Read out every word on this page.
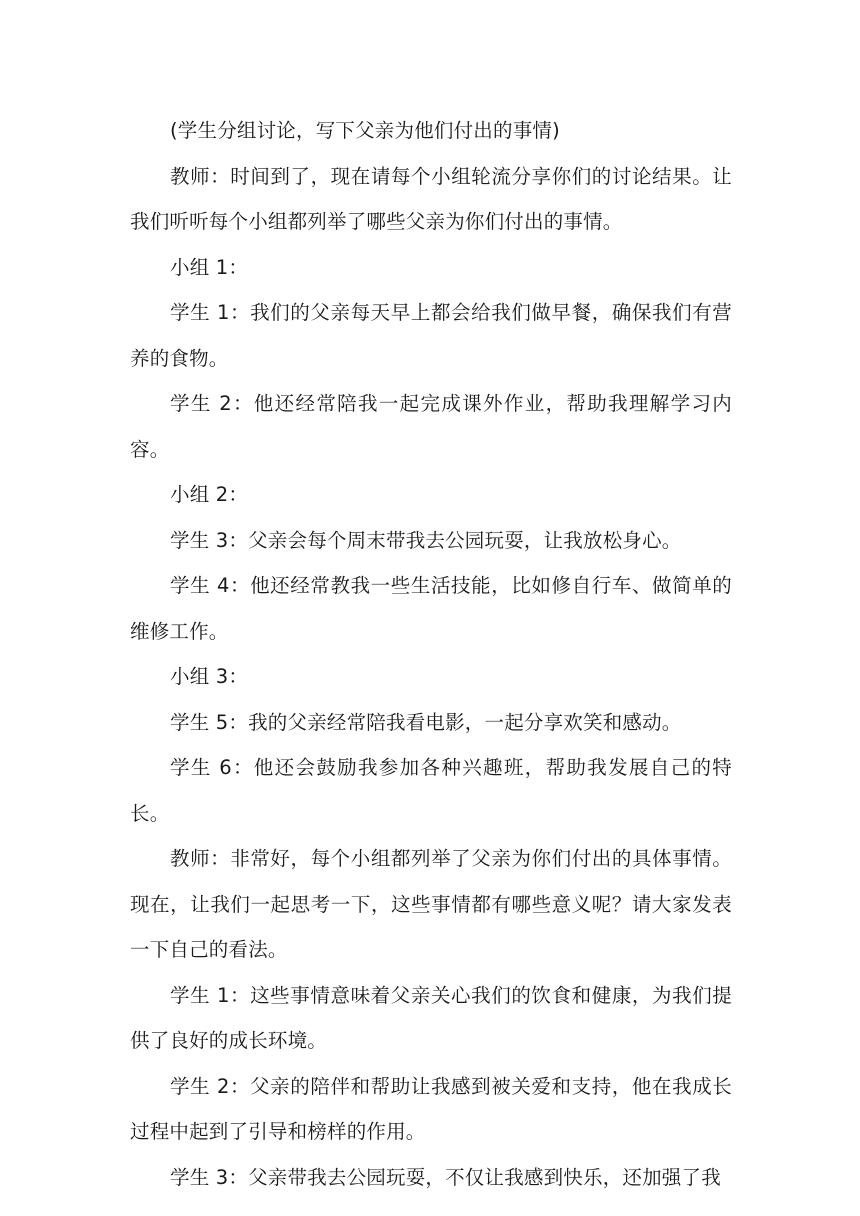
(学生分组讨论，写下父亲为他们付出的事情)

教师：时间到了，现在请每个小组轮流分享你们的讨论结果。让我们听听每个小组都列举了哪些父亲为你们付出的事情。

小组 1：

学生 1：我们的父亲每天早上都会给我们做早餐，确保我们有营养的食物。

学生 2：他还经常陪我一起完成课外作业，帮助我理解学习内容。

小组 2：

学生 3：父亲会每个周末带我去公园玩耍，让我放松身心。

学生 4：他还经常教我一些生活技能，比如修自行车、做简单的维修工作。

小组 3：

学生 5：我的父亲经常陪我看电影，一起分享欢笑和感动。

学生 6：他还会鼓励我参加各种兴趣班，帮助我发展自己的特长。

教师：非常好，每个小组都列举了父亲为你们付出的具体事情。现在，让我们一起思考一下，这些事情都有哪些意义呢？请大家发表一下自己的看法。

学生 1：这些事情意味着父亲关心我们的饮食和健康，为我们提供了良好的成长环境。

学生 2：父亲的陪伴和帮助让我感到被关爱和支持，他在我成长过程中起到了引导和榜样的作用。

学生 3：父亲带我去公园玩耍，不仅让我感到快乐，还加强了我
